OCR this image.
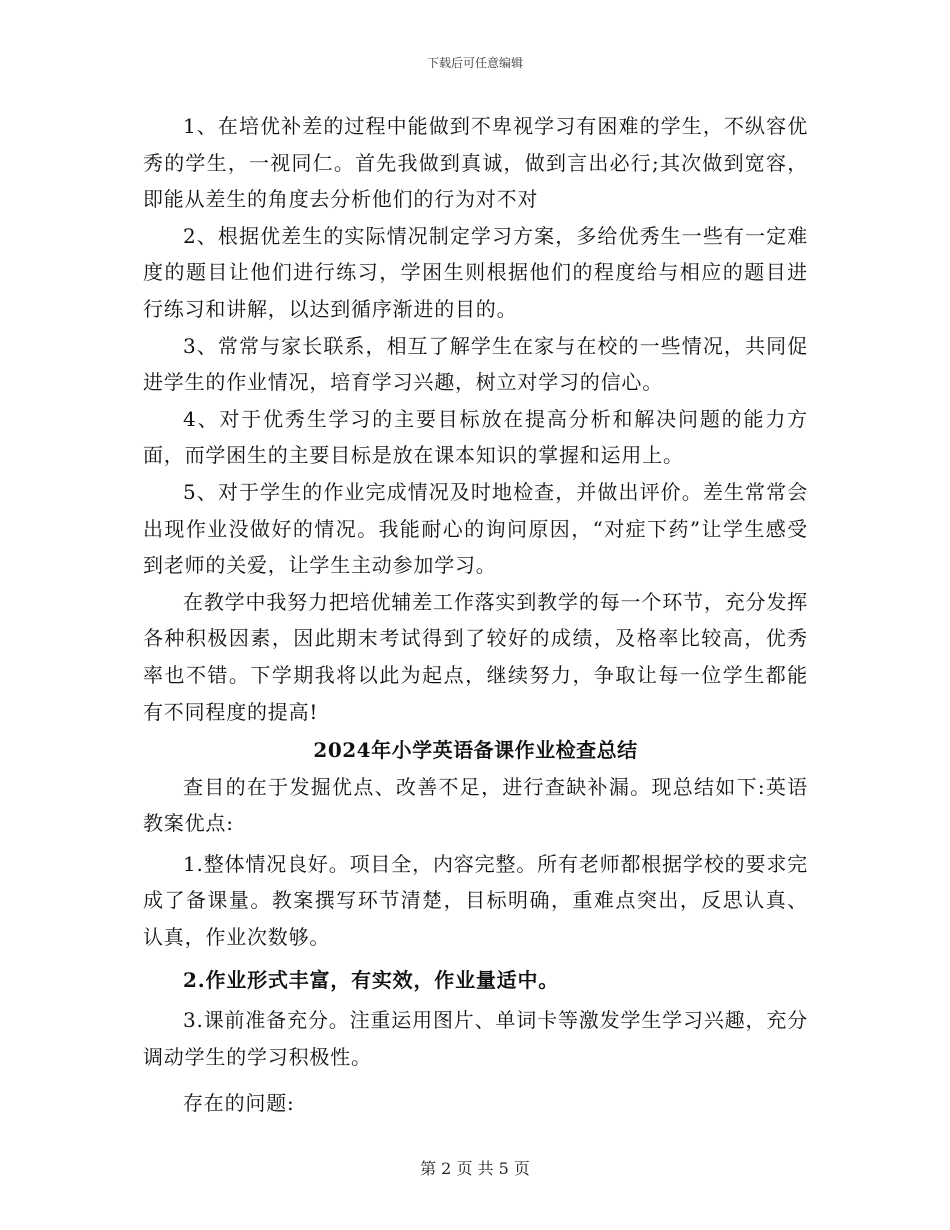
下载后可任意编辑

1、在培优补差的过程中能做到不卑视学习有困难的学生，不纵容优秀的学生，一视同仁。首先我做到真诚，做到言出必行;其次做到宽容，即能从差生的角度去分析他们的行为对不对

2、根据优差生的实际情况制定学习方案，多给优秀生一些有一定难度的题目让他们进行练习，学困生则根据他们的程度给与相应的题目进行练习和讲解，以达到循序渐进的目的。

3、常常与家长联系，相互了解学生在家与在校的一些情况，共同促进学生的作业情况，培育学习兴趣，树立对学习的信心。

4、对于优秀生学习的主要目标放在提高分析和解决问题的能力方面，而学困生的主要目标是放在课本知识的掌握和运用上。

5、对于学生的作业完成情况及时地检查，并做出评价。差生常常会出现作业没做好的情况。我能耐心的询问原因，“对症下药”让学生感受到老师的关爱，让学生主动参加学习。

在教学中我努力把培优辅差工作落实到教学的每一个环节，充分发挥各种积极因素，因此期末考试得到了较好的成绩，及格率比较高，优秀率也不错。下学期我将以此为起点，继续努力，争取让每一位学生都能有不同程度的提高!

2024年小学英语备课作业检查总结

查目的在于发掘优点、改善不足，进行查缺补漏。现总结如下:英语教案优点:

1.整体情况良好。项目全，内容完整。所有老师都根据学校的要求完成了备课量。教案撰写环节清楚，目标明确，重难点突出，反思认真、认真，作业次数够。

2.作业形式丰富，有实效，作业量适中。

3.课前准备充分。注重运用图片、单词卡等激发学生学习兴趣，充分调动学生的学习积极性。

存在的问题:

第 2 页 共 5 页
